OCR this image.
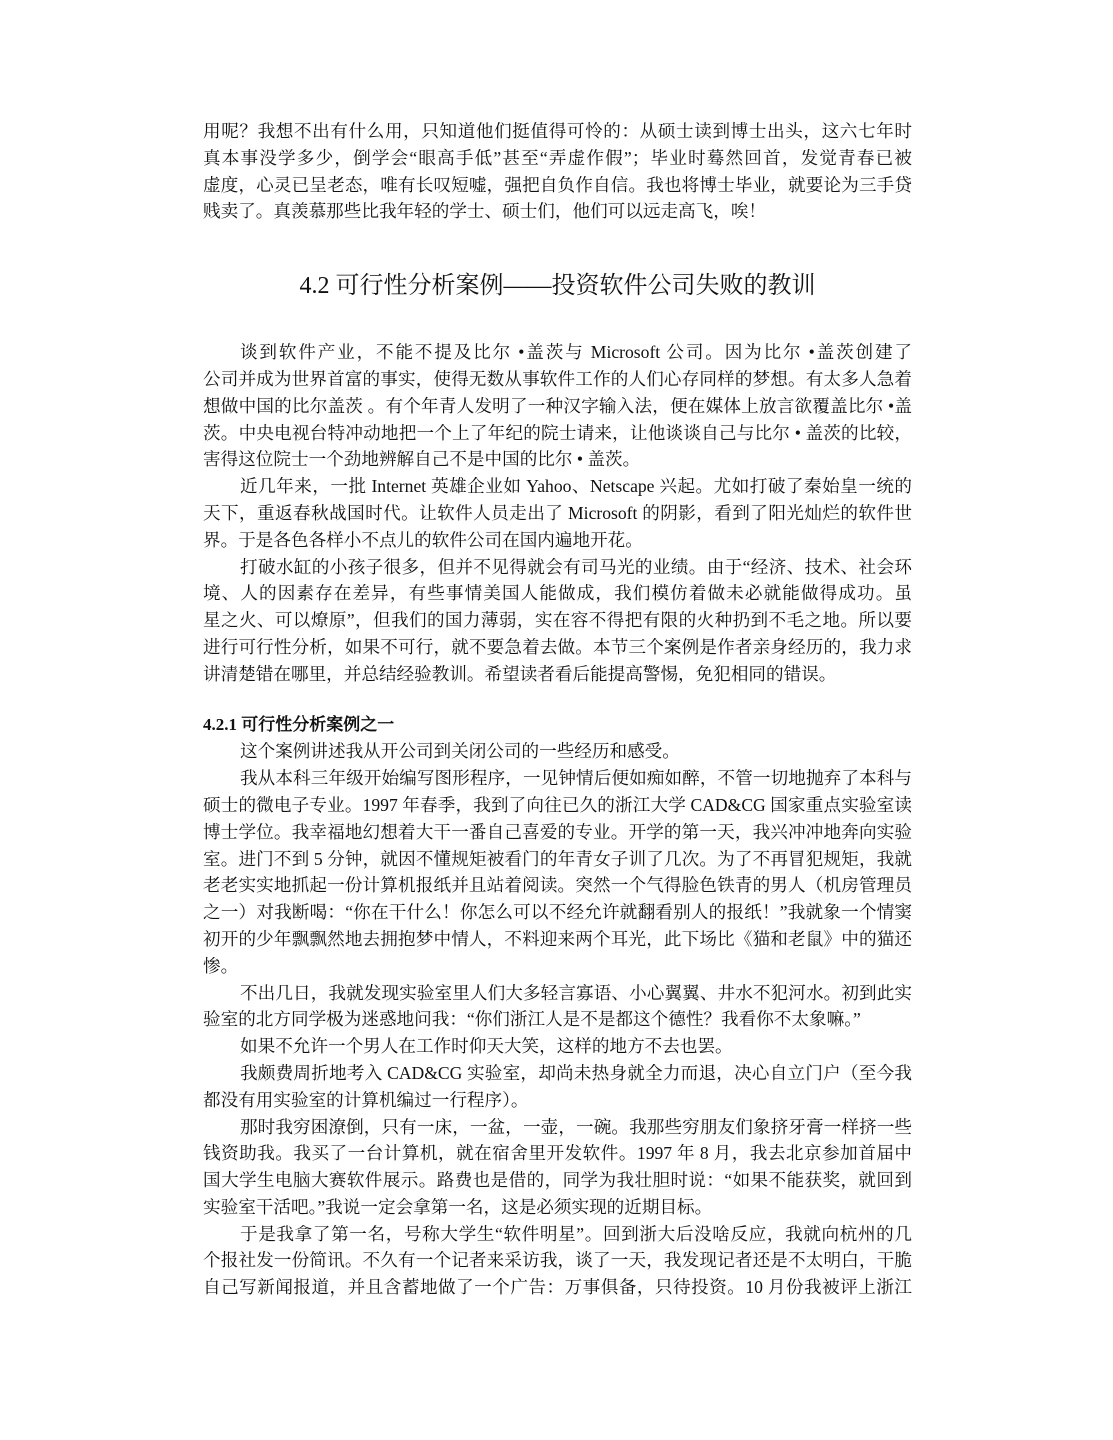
用呢？我想不出有什么用，只知道他们挺值得可怜的：从硕士读到博士出头，这六七年时
真本事没学多少，倒学会“眼高手低”甚至“弄虚作假”；毕业时蓦然回首，发觉青春已被
虚度，心灵已呈老态，唯有长叹短嘘，强把自负作自信。我也将博士毕业，就要论为三手贷
贱卖了。真羡慕那些比我年轻的学士、硕士们，他们可以远走高飞，唉！
4.2 可行性分析案例——投资软件公司失败的教训
谈到软件产业，不能不提及比尔 •盖茨与 Microsoft 公司。因为比尔 •盖茨创建了
公司并成为世界首富的事实，使得无数从事软件工作的人们心存同样的梦想。有太多人急着
想做中国的比尔盖茨 。有个年青人发明了一种汉字输入法，便在媒体上放言欲覆盖比尔 •盖
茨。中央电视台特冲动地把一个上了年纪的院士请来，让他谈谈自己与比尔 • 盖茨的比较，
害得这位院士一个劲地辨解自己不是中国的比尔 • 盖茨。
近几年来，一批 Internet 英雄企业如 Yahoo、Netscape 兴起。尤如打破了秦始皇一统的
天下，重返春秋战国时代。让软件人员走出了 Microsoft 的阴影，看到了阳光灿烂的软件世
界。于是各色各样小不点儿的软件公司在国内遍地开花。
打破水缸的小孩子很多，但并不见得就会有司马光的业绩。由于“经济、技术、社会环
境、人的因素存在差异，有些事情美国人能做成，我们模仿着做未必就能做得成功。虽
星之火、可以燎原”，但我们的国力薄弱，实在容不得把有限的火种扔到不毛之地。所以要
进行可行性分析，如果不可行，就不要急着去做。本节三个案例是作者亲身经历的，我力求
讲清楚错在哪里，并总结经验教训。希望读者看后能提高警惕，免犯相同的错误。
4.2.1 可行性分析案例之一
这个案例讲述我从开公司到关闭公司的一些经历和感受。
我从本科三年级开始编写图形程序，一见钟情后便如痴如醉，不管一切地抛弃了本科与
硕士的微电子专业。1997 年春季，我到了向往已久的浙江大学 CAD&CG 国家重点实验室读
博士学位。我幸福地幻想着大干一番自己喜爱的专业。开学的第一天，我兴冲冲地奔向实验
室。进门不到 5 分钟，就因不懂规矩被看门的年青女子训了几次。为了不再冒犯规矩，我就
老老实实地抓起一份计算机报纸并且站着阅读。突然一个气得脸色铁青的男人（机房管理员
之一）对我断喝：“你在干什么！你怎么可以不经允许就翻看别人的报纸！”我就象一个情窦
初开的少年飘飘然地去拥抱梦中情人，不料迎来两个耳光，此下场比《猫和老鼠》中的猫还
惨。
不出几日，我就发现实验室里人们大多轻言寡语、小心翼翼、井水不犯河水。初到此实
验室的北方同学极为迷惑地问我：“你们浙江人是不是都这个德性？我看你不太象嘛。”
如果不允许一个男人在工作时仰天大笑，这样的地方不去也罢。
我颇费周折地考入 CAD&CG 实验室，却尚未热身就全力而退，决心自立门户（至今我
都没有用实验室的计算机编过一行程序）。
那时我穷困潦倒，只有一床，一盆，一壶，一碗。我那些穷朋友们象挤牙膏一样挤一些
钱资助我。我买了一台计算机，就在宿舍里开发软件。1997 年 8 月，我去北京参加首届中
国大学生电脑大赛软件展示。路费也是借的，同学为我壮胆时说：“如果不能获奖，就回到
实验室干活吧。”我说一定会拿第一名，这是必须实现的近期目标。
于是我拿了第一名，号称大学生“软件明星”。回到浙大后没啥反应，我就向杭州的几
个报社发一份简讯。不久有一个记者来采访我，谈了一天，我发现记者还是不太明白，干脆
自己写新闻报道，并且含蓄地做了一个广告：万事俱备，只待投资。10 月份我被评上浙江
